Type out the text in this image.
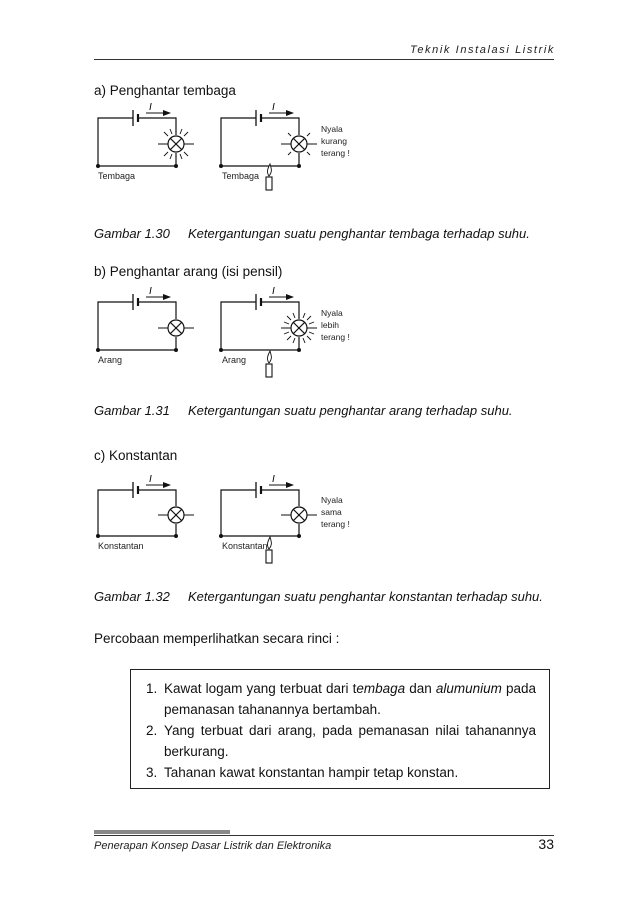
Teknik Instalasi Listrik
a) Penghantar tembaga
b) Penghantar arang (isi pensil)
c) Konstantan
I
Tembaga
I
Tembaga
Nyala kurang terang !
I
Arang
I
Arang
Nyala lebih terang !
I
Konstantan
I
Konstantan
Nyala sama terang !
Gambar 1.30 Ketergantungan suatu penghantar tembaga terhadap suhu.
Gambar 1.31 Ketergantungan suatu penghantar arang terhadap suhu.
Gambar 1.32 Ketergantungan suatu penghantar konstantan terhadap suhu.
Percobaan memperlihatkan secara rinci :
1. Kawat logam yang terbuat dari tembaga dan alumunium pada pemanasan tahanannya bertambah.
2. Yang terbuat dari arang, pada pemanasan nilai tahanannya berkurang.
3. Tahanan kawat konstantan hampir tetap konstan.
Penerapan Konsep Dasar Listrik dan Elektronika	33
